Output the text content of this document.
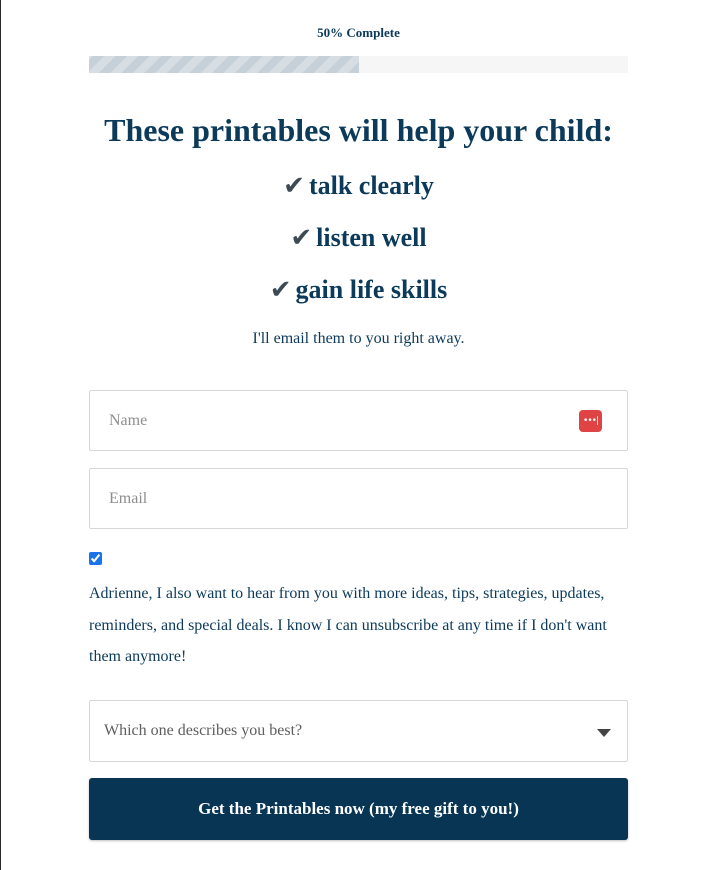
50% Complete
These printables will help your child:
✔ talk clearly
✔ listen well
✔ gain life skills
I'll email them to you right away.
Name
•••|
Email

Adrienne, I also want to hear from you with more ideas, tips, strategies, updates, reminders, and special deals. I know I can unsubscribe at any time if I don't want them anymore!

Which one describes you best?
Get the Printables now (my free gift to you!)
